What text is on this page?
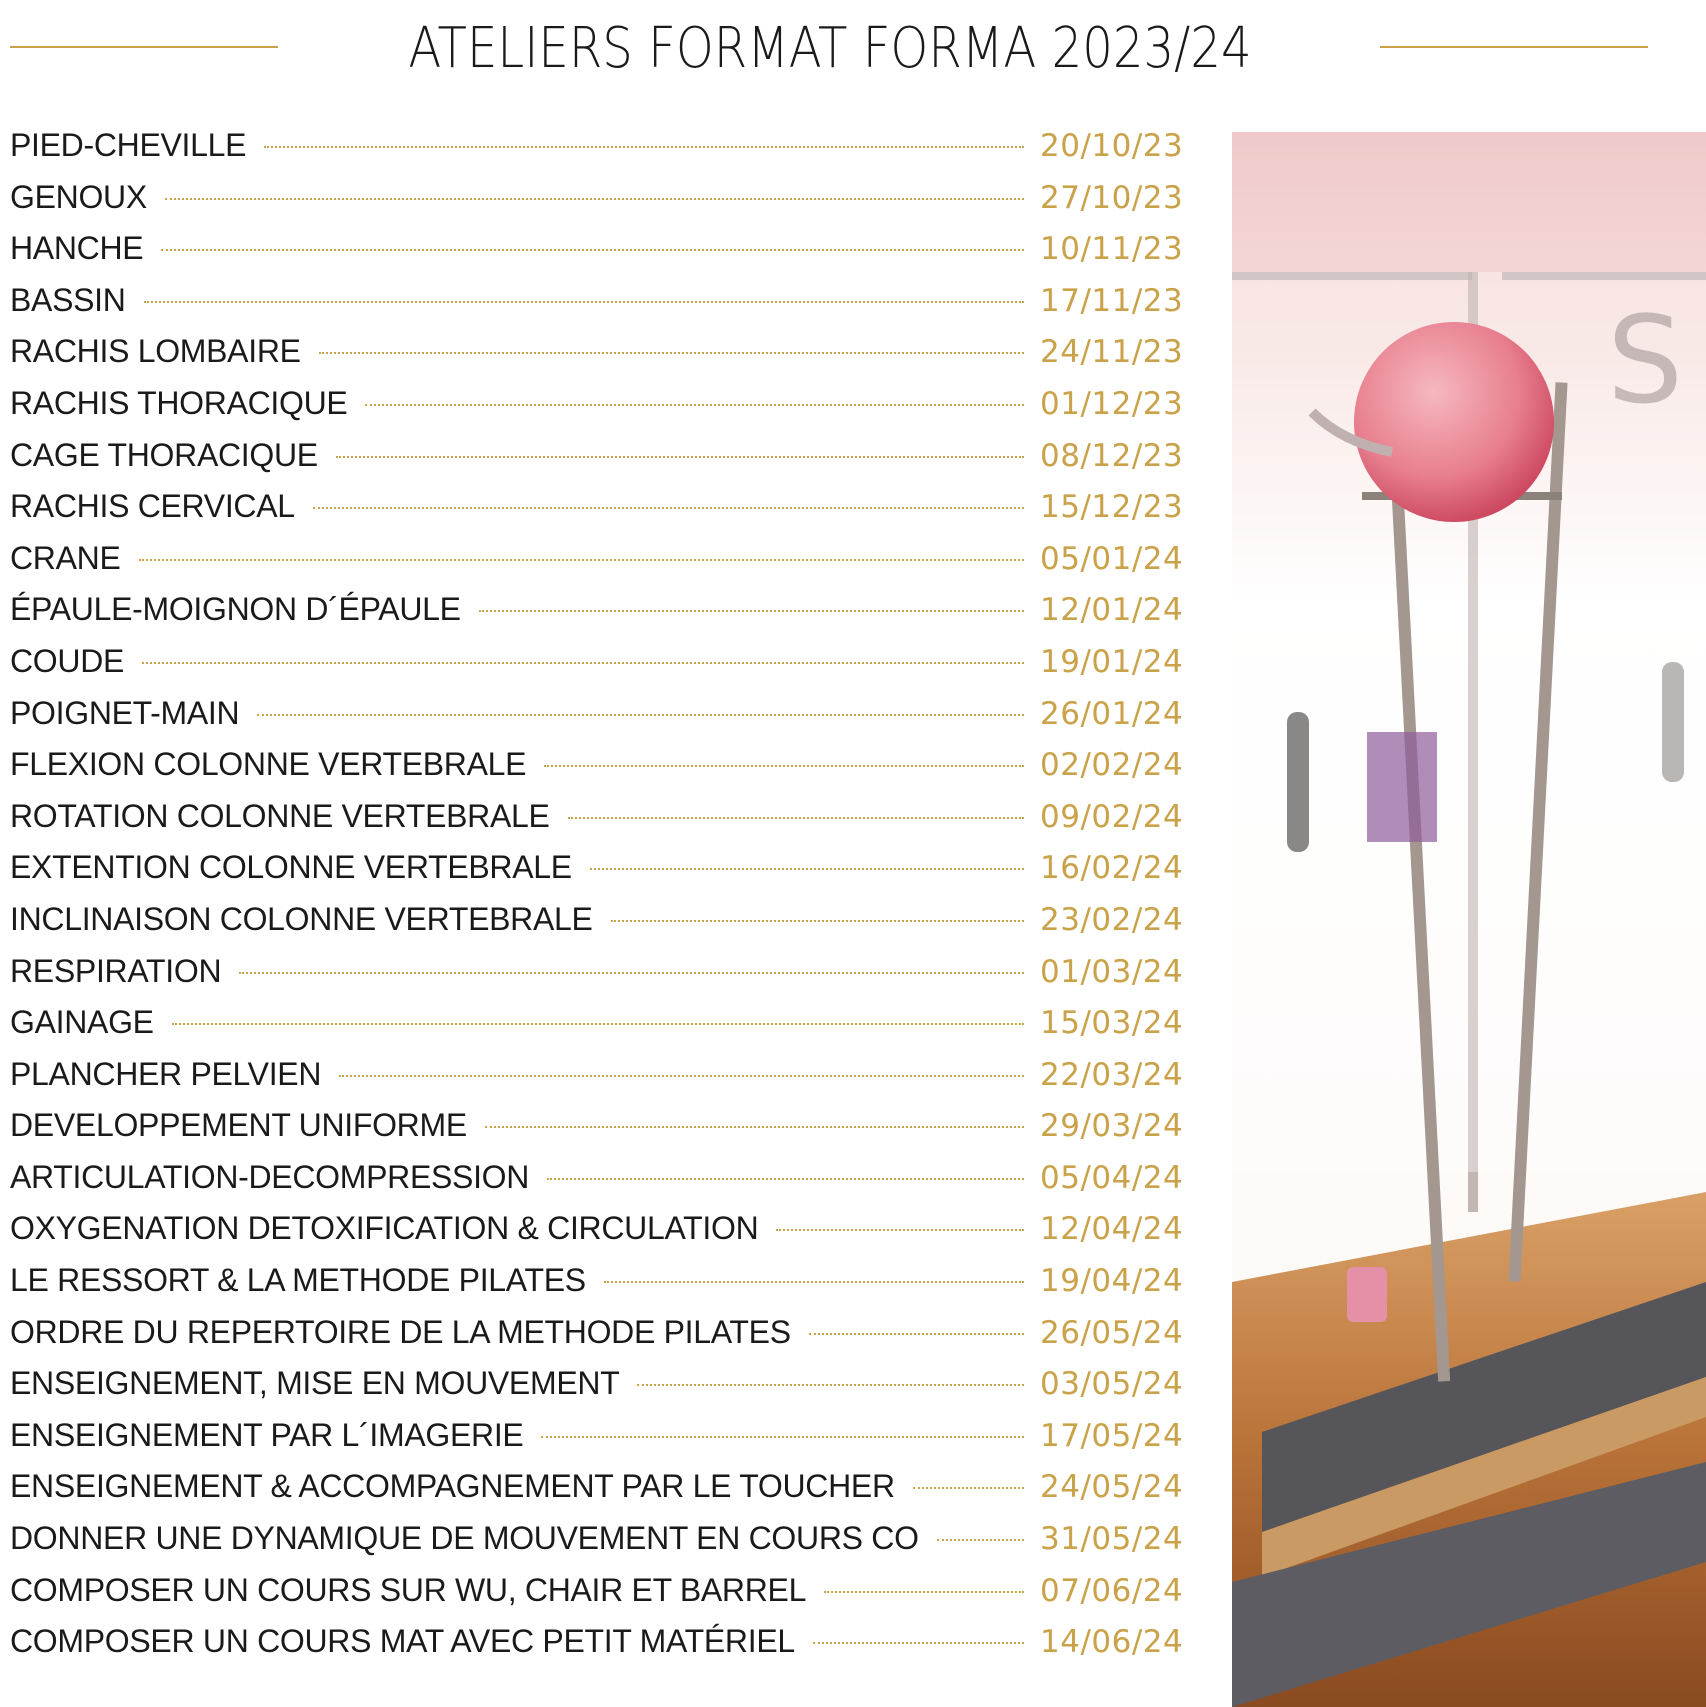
ATELIERS FORMAT FORMA 2023/24
PIED-CHEVILLE	20/10/23
GENOUX	27/10/23
HANCHE	10/11/23
BASSIN	17/11/23
RACHIS LOMBAIRE	24/11/23
RACHIS THORACIQUE	01/12/23
CAGE THORACIQUE	08/12/23
RACHIS CERVICAL	15/12/23
CRANE	05/01/24
ÉPAULE-MOIGNON D´ÉPAULE	12/01/24
COUDE	19/01/24
POIGNET-MAIN	26/01/24
FLEXION COLONNE VERTEBRALE	02/02/24
ROTATION COLONNE VERTEBRALE	09/02/24
EXTENTION COLONNE VERTEBRALE	16/02/24
INCLINAISON COLONNE VERTEBRALE	23/02/24
RESPIRATION	01/03/24
GAINAGE	15/03/24
PLANCHER PELVIEN	22/03/24
DEVELOPPEMENT UNIFORME	29/03/24
ARTICULATION-DECOMPRESSION	05/04/24
OXYGENATION DETOXIFICATION & CIRCULATION	12/04/24
LE RESSORT & LA METHODE PILATES	19/04/24
ORDRE DU REPERTOIRE DE LA METHODE PILATES	26/05/24
ENSEIGNEMENT, MISE EN MOUVEMENT	03/05/24
ENSEIGNEMENT PAR L´IMAGERIE	17/05/24
ENSEIGNEMENT & ACCOMPAGNEMENT PAR LE TOUCHER	24/05/24
DONNER UNE DYNAMIQUE DE MOUVEMENT EN COURS CO	31/05/24
COMPOSER UN COURS SUR WU, CHAIR ET BARREL	07/06/24
COMPOSER UN COURS MAT AVEC PETIT MATÉRIEL	14/06/24
S
